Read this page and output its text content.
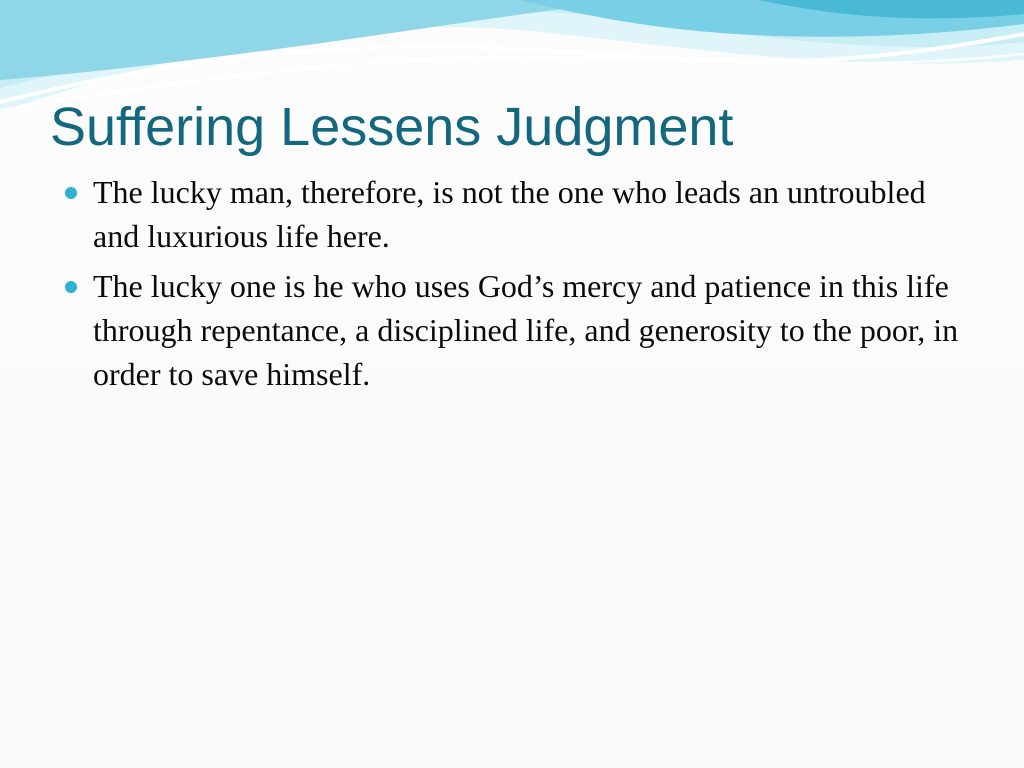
Suffering Lessens Judgment
The lucky man, therefore, is not the one who leads an untroubled and luxurious life here.
The lucky one is he who uses God’s mercy and patience in this life through repentance, a disciplined life, and generosity to the poor, in order to save himself.
